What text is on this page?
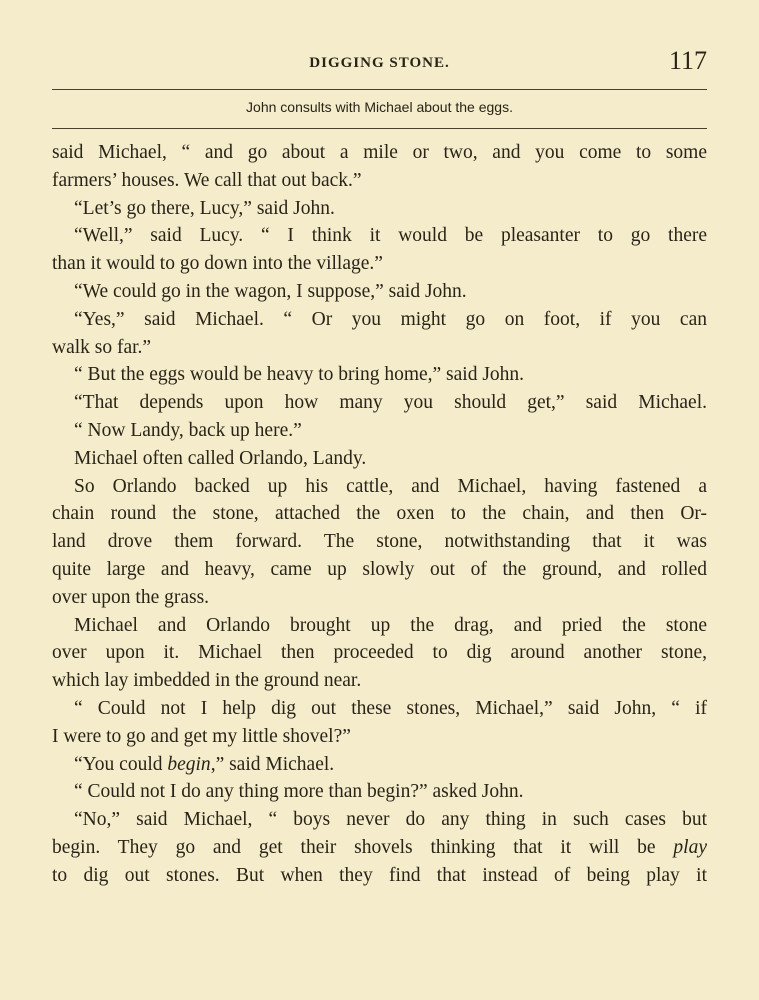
DIGGING STONE.	117
John consults with Michael about the eggs.
said Michael, “ and go about a mile or two, and you come to some
farmers’ houses. We call that out back.”
“Let’s go there, Lucy,” said John.
“Well,” said Lucy. “ I think it would be pleasanter to go there
than it would to go down into the village.”
“We could go in the wagon, I suppose,” said John.
“Yes,” said Michael. “ Or you might go on foot, if you can
walk so far.”
“ But the eggs would be heavy to bring home,” said John.
“That depends upon how many you should get,” said Michael.
“ Now Landy, back up here.”
Michael often called Orlando, Landy.
So Orlando backed up his cattle, and Michael, having fastened a
chain round the stone, attached the oxen to the chain, and then Or-
land drove them forward. The stone, notwithstanding that it was
quite large and heavy, came up slowly out of the ground, and rolled
over upon the grass.
Michael and Orlando brought up the drag, and pried the stone
over upon it. Michael then proceeded to dig around another stone,
which lay imbedded in the ground near.
“ Could not I help dig out these stones, Michael,” said John, “ if
I were to go and get my little shovel?”
“You could begin,” said Michael.
“ Could not I do any thing more than begin?” asked John.
“No,” said Michael, “ boys never do any thing in such cases but
begin. They go and get their shovels thinking that it will be play
to dig out stones. But when they find that instead of being play it
